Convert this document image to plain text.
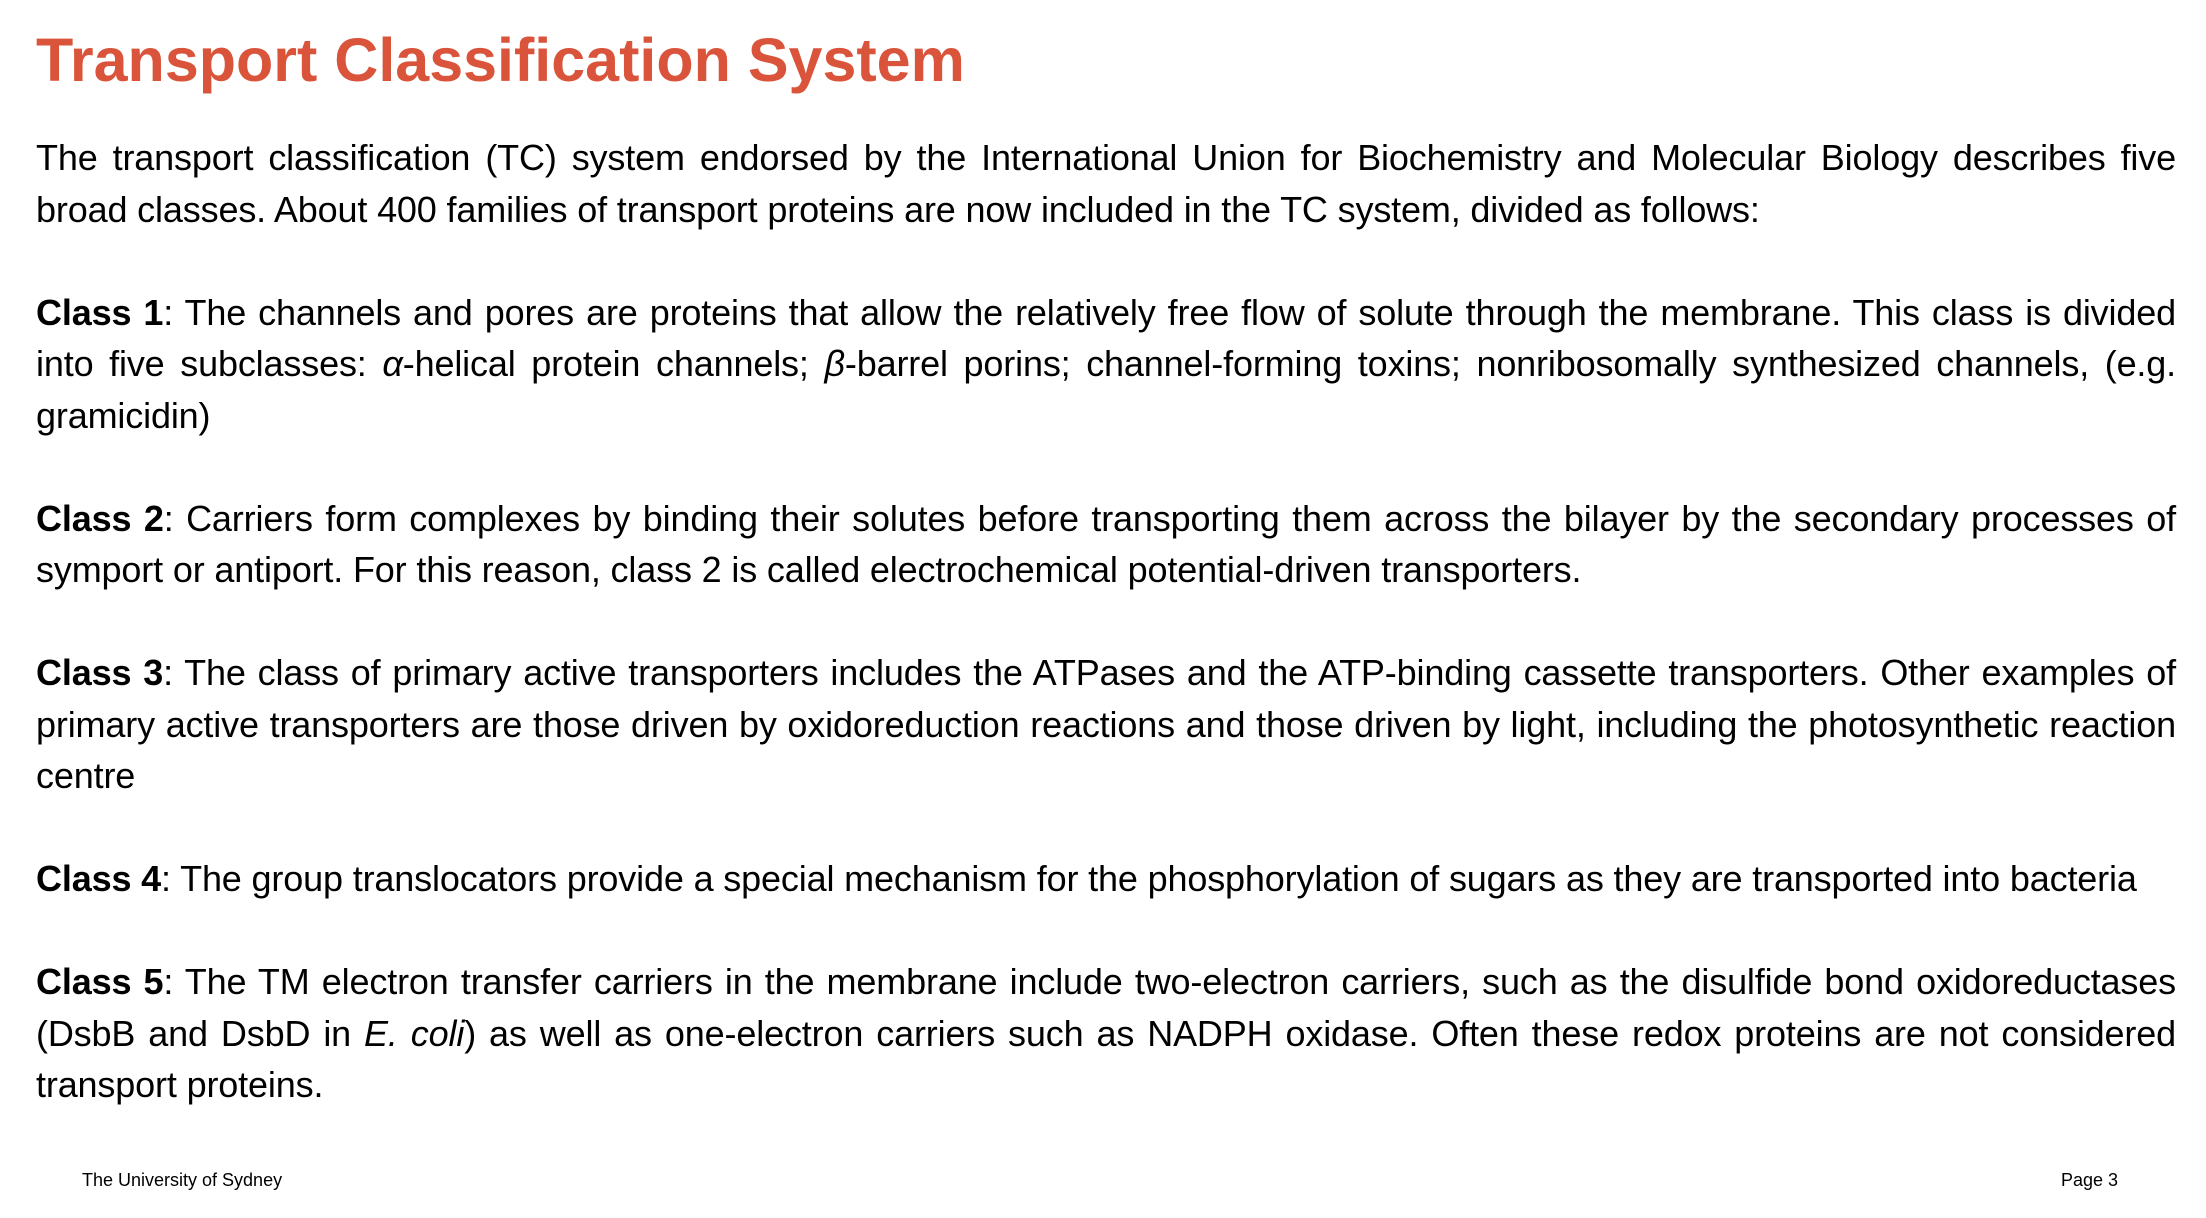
Transport Classification System

The transport classification (TC) system endorsed by the International Union for Biochemistry and Molecular Biology describes five broad classes. About 400 families of transport proteins are now included in the TC system, divided as follows:

Class 1: The channels and pores are proteins that allow the relatively free flow of solute through the membrane. This class is divided into five subclasses: α-helical protein channels; β-barrel porins; channel-forming toxins; nonribosomally synthesized channels, (e.g. gramicidin)

Class 2: Carriers form complexes by binding their solutes before transporting them across the bilayer by the secondary processes of symport or antiport. For this reason, class 2 is called electrochemical potential-driven transporters.

Class 3: The class of primary active transporters includes the ATPases and the ATP-binding cassette transporters. Other examples of primary active transporters are those driven by oxidoreduction reactions and those driven by light, including the photosynthetic reaction centre

Class 4: The group translocators provide a special mechanism for the phosphorylation of sugars as they are transported into bacteria

Class 5: The TM electron transfer carriers in the membrane include two-electron carriers, such as the disulfide bond oxidoreductases (DsbB and DsbD in E. coli) as well as one-electron carriers such as NADPH oxidase. Often these redox proteins are not considered transport proteins.

The University of Sydney	Page 3
